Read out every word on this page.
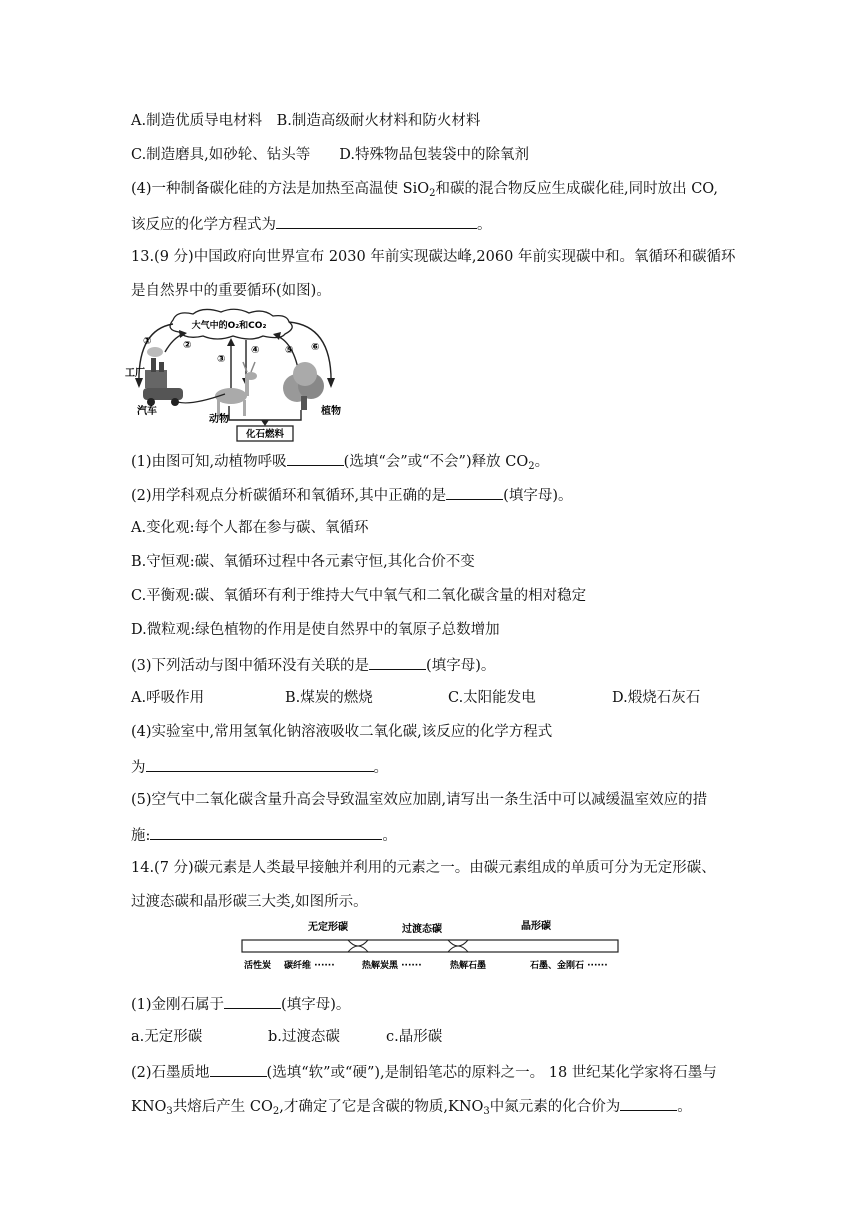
A.制造优质导电材料　B.制造高级耐火材料和防火材料
C.制造磨具,如砂轮、钻头等　　D.特殊物品包装袋中的除氧剂
(4)一种制备碳化硅的方法是加热至高温使 SiO$_2$和碳的混合物反应生成碳化硅,同时放出 CO,
该反应的化学方程式为	。
13.(9 分)中国政府向世界宣布 2030 年前实现碳达峰,2060 年前实现碳中和。氧循环和碳循环
是自然界中的重要循环(如图)。
大气中的O₂和CO₂
①	②
③
④	⑤ ⑥
工厂
汽车
动物
植物
化石燃料
(1)由图可知,动植物呼吸	(选填“会”或“不会”)释放 $CO_2$。
(2)用学科观点分析碳循环和氧循环,其中正确的是	(填字母)。
A.变化观:每个人都在参与碳、氧循环
B.守恒观:碳、氧循环过程中各元素守恒,其化合价不变
C.平衡观:碳、氧循环有利于维持大气中氧气和二氧化碳含量的相对稳定
D.微粒观:绿色植物的作用是使自然界中的氧原子总数增加
(3)下列活动与图中循环没有关联的是	(填字母)。
A.呼吸作用	B.煤炭的燃烧	C.太阳能发电	D.煅烧石灰石
(4)实验室中,常用氢氧化钠溶液吸收二氧化碳,该反应的化学方程式
为	。
(5)空气中二氧化碳含量升高会导致温室效应加剧,请写出一条生活中可以减缓温室效应的措
施:	。
14.(7 分)碳元素是人类最早接触并利用的元素之一。由碳元素组成的单质可分为无定形碳、
过渡态碳和晶形碳三大类,如图所示。
无定形碳	过渡态碳	晶形碳
活性炭 碳纤维 ······	热解炭黑 ······	热解石墨	石墨、金刚石 ······
(1)金刚石属于	(填字母)。
a.无定形碳	b.过渡态碳	c.晶形碳
(2)石墨质地	(选填“软”或“硬”),是制铅笔芯的原料之一。 18 世纪某化学家将石墨与
$KNO_3$共熔后产生 $CO_2$,才确定了它是含碳的物质$,KNO_3$中氮元素的化合价为	。
